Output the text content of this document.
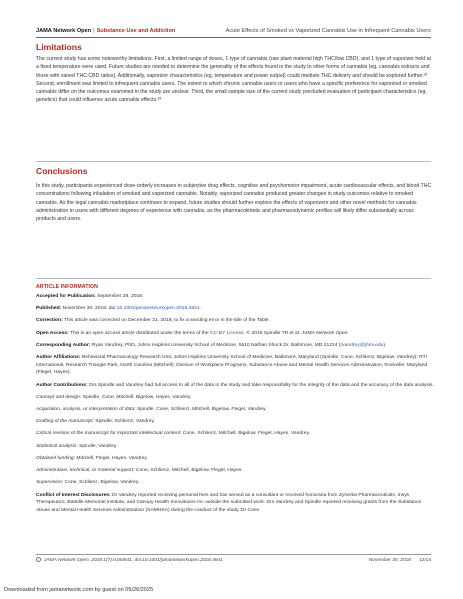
JAMA Network Open | Substance Use and Addiction	Acute Effects of Smoked vs Vaporized Cannabis Use in Infrequent Cannabis Users
Limitations

The current study has some noteworthy limitations. First, a limited range of doses, 1 type of cannabis (raw plant material high THC/low CBD), and 1 type of vaporizer held at a fixed temperature were used. Future studies are needed to determine the generality of the effects found in the study to other forms of cannabis (eg, cannabis extracts and those with varied THC:CBD ratios). Additionally, vaporizer characteristics (eg, temperature and power output) could mediate THC delivery and should be explored further.³² Second, enrollment was limited to infrequent cannabis users. The extent to which chronic cannabis users or users who have a specific preference for vaporized or smoked cannabis differ on the outcomes examined in the study are unclear. Third, the small sample size of the current study precluded evaluation of participant characteristics (eg, genetics) that could influence acute cannabis effects.³³

Conclusions

In this study, participants experienced dose-orderly increases in subjective drug effects, cognitive and psychomotor impairment, acute cardiovascular effects, and blood THC concentrations following inhalation of smoked and vaporized cannabis. Notably, vaporized cannabis produced greater changes in study outcomes relative to smoked cannabis. As the legal cannabis marketplace continues to expand, future studies should further explore the effects of vaporizers and other novel methods for cannabis administration in users with different degrees of experience with cannabis, as the pharmacokinetic and pharmacodynamic profiles will likely differ substantially across products and users.

ARTICLE INFORMATION

Accepted for Publication: September 28, 2018.

Published: November 30, 2018. doi:10.1001/jamanetworkopen.2018.4841.

Correction: This article was corrected on December 21, 2018, to fix a wording error in the title of the Table.

Open Access: This is an open access article distributed under the terms of the CC-BY License. © 2018 Spindle TR et al. JAMA Network Open.

Corresponding Author: Ryan Vandrey, PhD, Johns Hopkins University School of Medicine, 5510 Nathan Shock Dr, Baltimore, MD 21224 (rvandrey@jhmi.edu).

Author Affiliations: Behavioral Pharmacology Research Unit, Johns Hopkins University School of Medicine, Baltimore, Maryland (Spindle, Cone, Schlienz, Bigelow, Vandrey); RTI International, Research Triangle Park, North Carolina (Mitchell); Division of Workplace Programs, Substance Abuse and Mental Health Services Administration, Rockville, Maryland (Flegel, Hayes).

Author Contributions: Drs Spindle and Vandrey had full access to all of the data in the study and take responsibility for the integrity of the data and the accuracy of the data analysis.

Concept and design: Spindle, Cone, Mitchell, Bigelow, Hayes, Vandrey.

Acquisition, analysis, or interpretation of data: Spindle, Cone, Schlienz, Mitchell, Bigelow, Flegel, Vandrey.

Drafting of the manuscript: Spindle, Schlienz, Vandrey.

Critical revision of the manuscript for important intellectual content: Cone, Schlienz, Mitchell, Bigelow, Flegel, Hayes, Vandrey.

Statistical analysis: Spindle, Vandrey.

Obtained funding: Mitchell, Flegel, Hayes, Vandrey.

Administrative, technical, or material support: Cone, Schlienz, Mitchell, Bigelow, Flegel, Hayes.

Supervision: Cone, Schlienz, Bigelow, Vandrey.

Conflict of Interest Disclosures: Dr Vandrey reported receiving personal fees and has served as a consultant or received honoraria from Zynerba Pharmaceuticals, Insys Therapeutics, Battelle Memorial Institute, and Canopy Health Innovations Inc outside the submitted work. Drs Vandrey and Spindle reported receiving grants from the Substance Abuse and Mental Health Services Administration (SAMHSA) during the conduct of the study. Dr Cone

JAMA Network Open. 2018;1(7):e184841. doi:10.1001/jamanetworkopen.2018.4841	November 30, 2018 12/14
Downloaded from jamanetwork.com by guest on 05/26/2025
